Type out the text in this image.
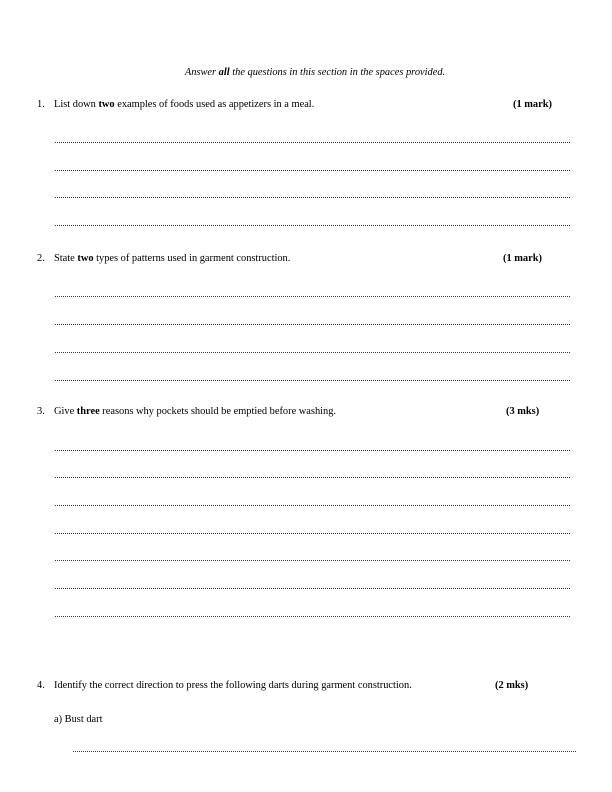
Answer all the questions in this section in the spaces provided.
1. List down two examples of foods used as appetizers in a meal.	(1 mark)
2. State two types of patterns used in garment construction.	(1 mark)
3. Give three reasons why pockets should be emptied before washing.	(3 mks)
4. Identify the correct direction to press the following darts during garment construction.	(2 mks)
a) Bust dart
